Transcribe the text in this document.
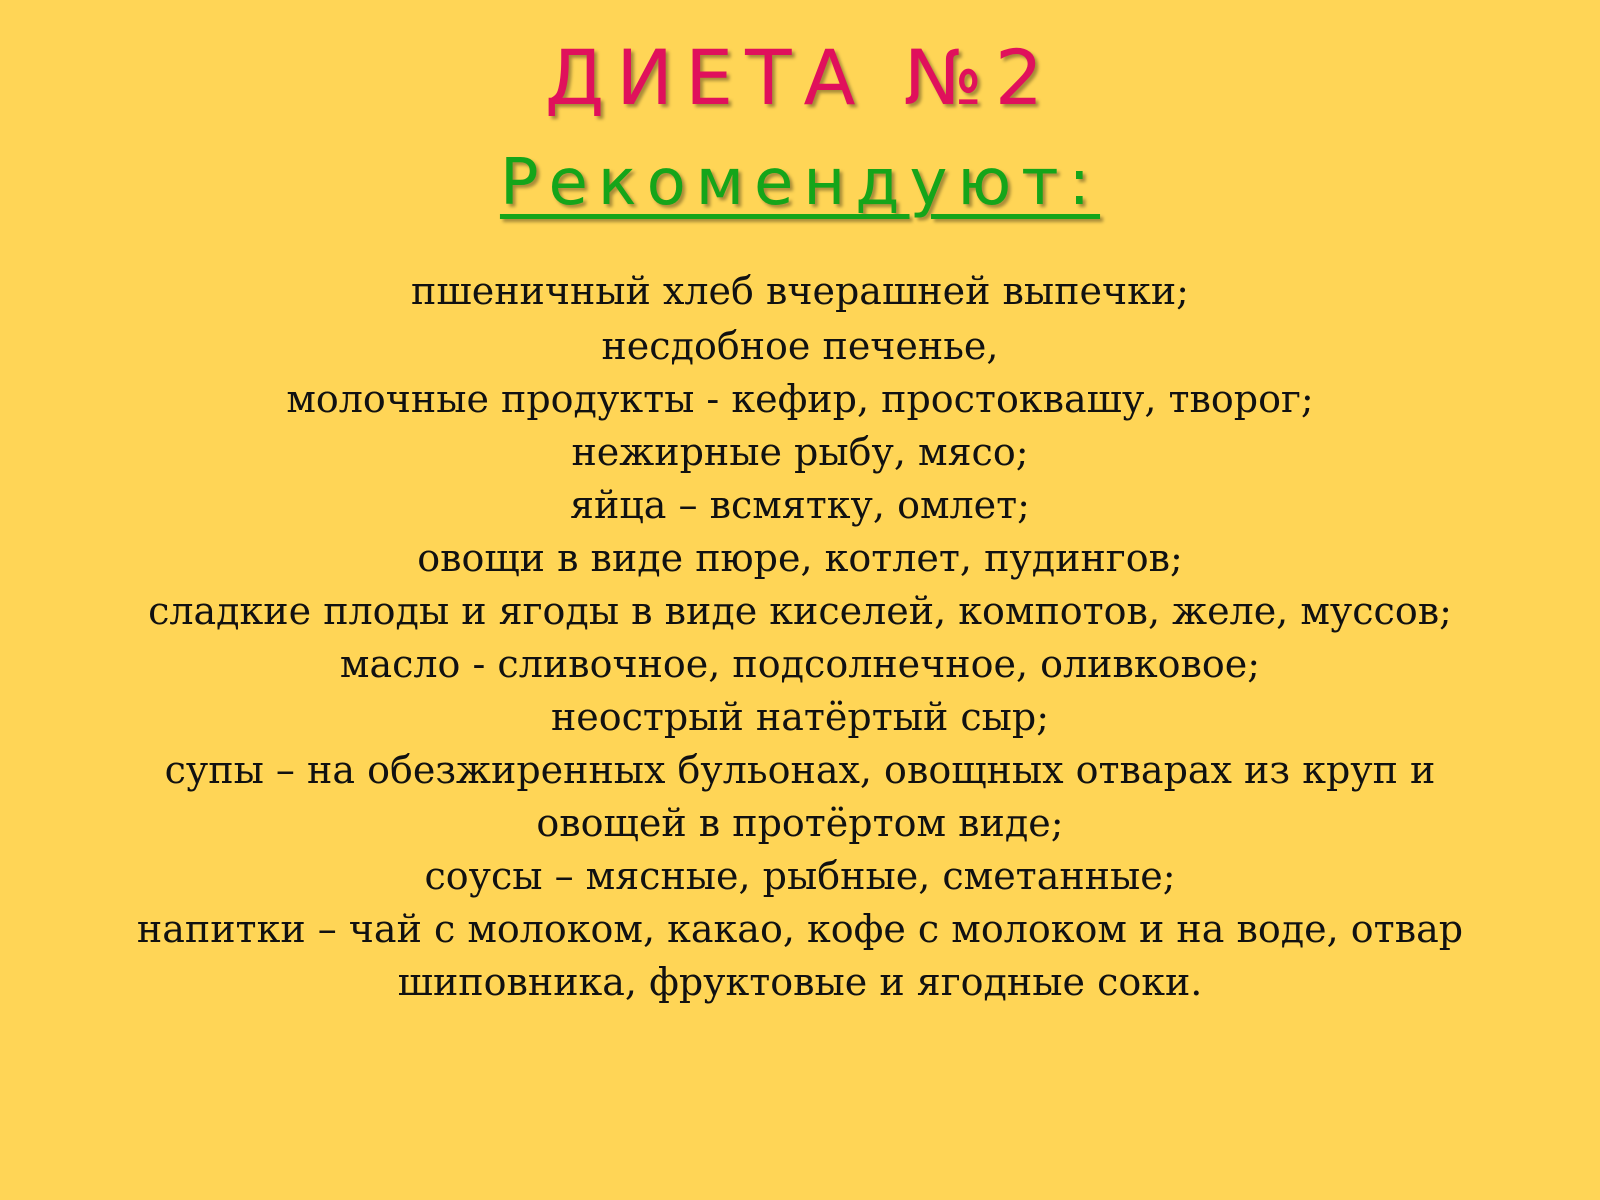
ДИЕТА №2
Рекомендуют:
пшеничный хлеб вчерашней выпечки;
несдобное печенье,
молочные продукты - кефир, простоквашу, творог;
нежирные рыбу, мясо;
яйца – всмятку, омлет;
овощи в виде пюре, котлет, пудингов;
сладкие плоды и ягоды в виде киселей, компотов, желе, муссов;
масло - сливочное, подсолнечное, оливковое;
неострый натёртый сыр;
супы – на обезжиренных бульонах, овощных отварах из круп и
овощей в протёртом виде;
соусы – мясные, рыбные, сметанные;
напитки – чай с молоком, какао, кофе с молоком и на воде, отвар
шиповника, фруктовые и ягодные соки.
